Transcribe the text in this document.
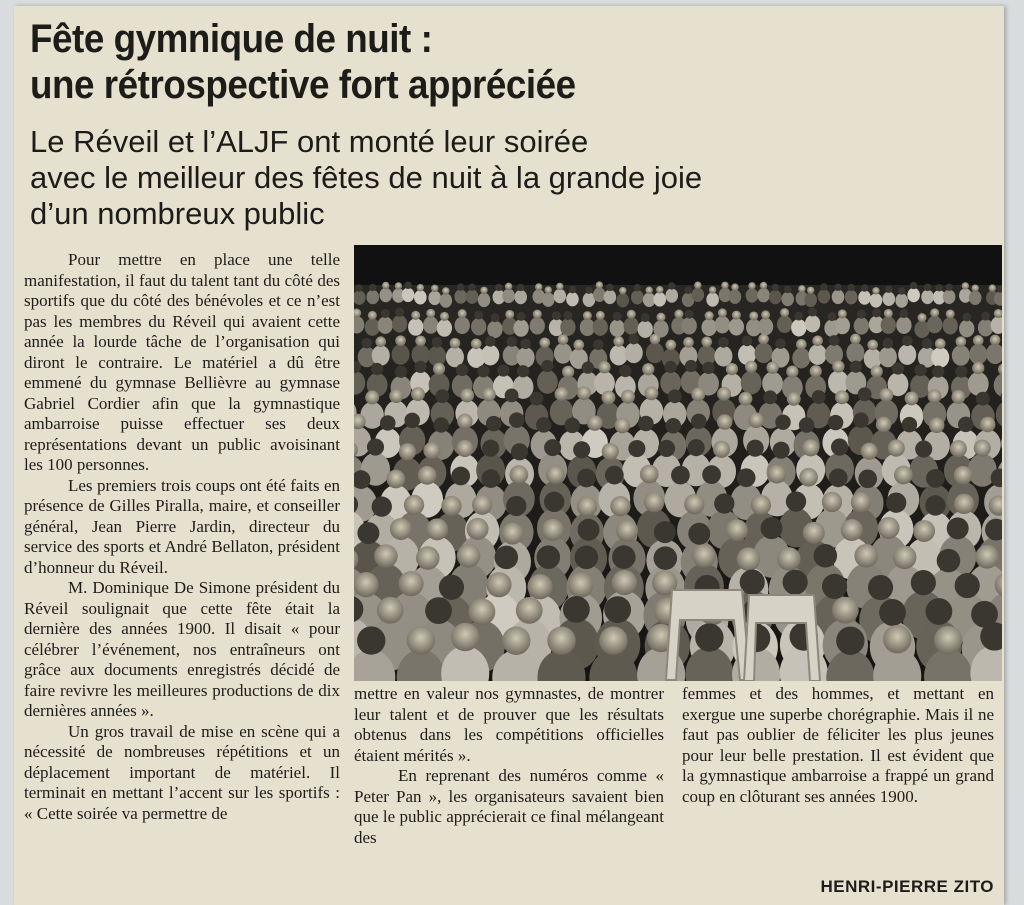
Fête gymnique de nuit :
une rétrospective fort appréciée
Le Réveil et l’ALJF ont monté leur soirée
avec le meilleur des fêtes de nuit à la grande joie
d’un nombreux public

Pour mettre en place une telle manifestation, il faut du talent tant du côté des sportifs que du côté des bénévoles et ce n’est pas les membres du Réveil qui avaient cette année la lourde tâche de l’organisation qui diront le contraire. Le matériel a dû être emmené du gymnase Bellièvre au gymnase Gabriel Cordier afin que la gymnastique ambarroise puisse effectuer ses deux représentations devant un public avoisinant les 100 personnes.

Les premiers trois coups ont été faits en présence de Gilles Piralla, maire, et conseiller général, Jean Pierre Jardin, directeur du service des sports et André Bellaton, président d’honneur du Réveil.

M. Dominique De Simone président du Réveil soulignait que cette fête était la dernière des années 1900. Il disait « pour célébrer l’événement, nos entraîneurs ont grâce aux documents enregistrés décidé de faire revivre les meilleures productions de dix dernières années ».

Un gros travail de mise en scène qui a nécessité de nombreuses répétitions et un déplacement important de matériel. Il terminait en mettant l’accent sur les sportifs : « Cette soirée va permettre de

mettre en valeur nos gymnastes, de montrer leur talent et de prouver que les résultats obtenus dans les compétitions officielles étaient mérités ».

En reprenant des numéros comme « Peter Pan », les organisateurs savaient bien que le public apprécierait ce final mélangeant des

femmes et des hommes, et mettant en exergue une superbe chorégraphie. Mais il ne faut pas oublier de féliciter les plus jeunes pour leur belle prestation. Il est évident que la gymnastique ambarroise a frappé un grand coup en clôturant ses années 1900.

HENRI-PIERRE ZITO
